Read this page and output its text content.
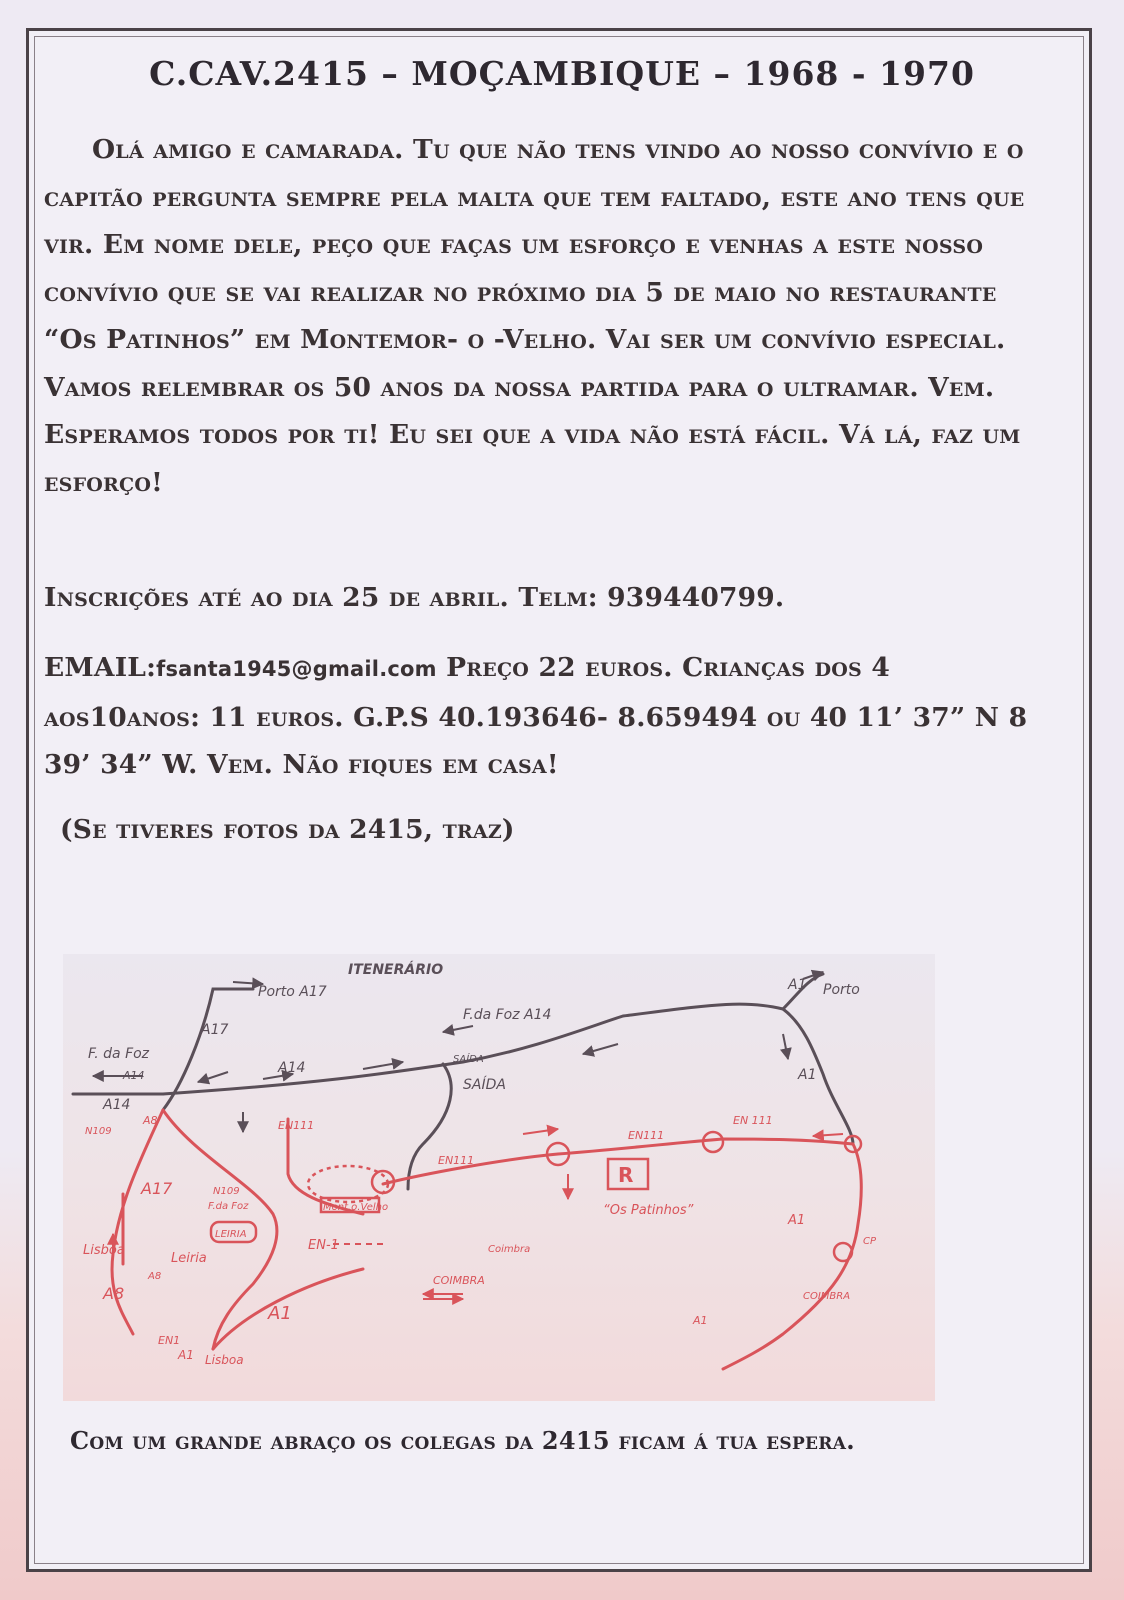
C.CAV.2415 – MOÇAMBIQUE – 1968 - 1970
Olá amigo e camarada. Tu que não tens vindo ao nosso convívio e o capitão pergunta sempre pela malta que tem faltado, este ano tens que vir. Em nome dele, peço que faças um esforço e venhas a este nosso convívio que se vai realizar no próximo dia 5 de maio no restaurante “Os Patinhos” em Montemor- o -Velho. Vai ser um convívio especial. Vamos relembrar os 50 anos da nossa partida para o ultramar. Vem. Esperamos todos por ti! Eu sei que a vida não está fácil. Vá lá, faz um esforço!
Inscrições até ao dia 25 de abril. Telm: 939440799.
EMAIL:fsanta1945@gmail.com Preço 22 euros. Crianças dos 4 aos10anos: 11 euros. G.P.S 40.193646- 8.659494 ou 40 11’ 37” N 8 39’ 34” W. Vem. Não fiques em casa!
(Se tiveres fotos da 2415, traz)
ITENERÁRIO
Porto A17
A17
F.da Foz A14
A1 Porto
F. da Foz
A14
A14
A14
SAÍDA
SAÍDA
A1
A8
N109	EN111
EN111
EN111
EN 111
A17	N109
F.da Foz	Mont.o.Velho
R
“Os Patinhos”
CP
A1
Lisboa
Leiria
LEIRIA
EN-1	Coimbra
COIMBRA
COIMBRA
A8
A8
EN1
A1
A1 Lisboa
A1
Com um grande abraço os colegas da 2415 ficam á tua espera.
